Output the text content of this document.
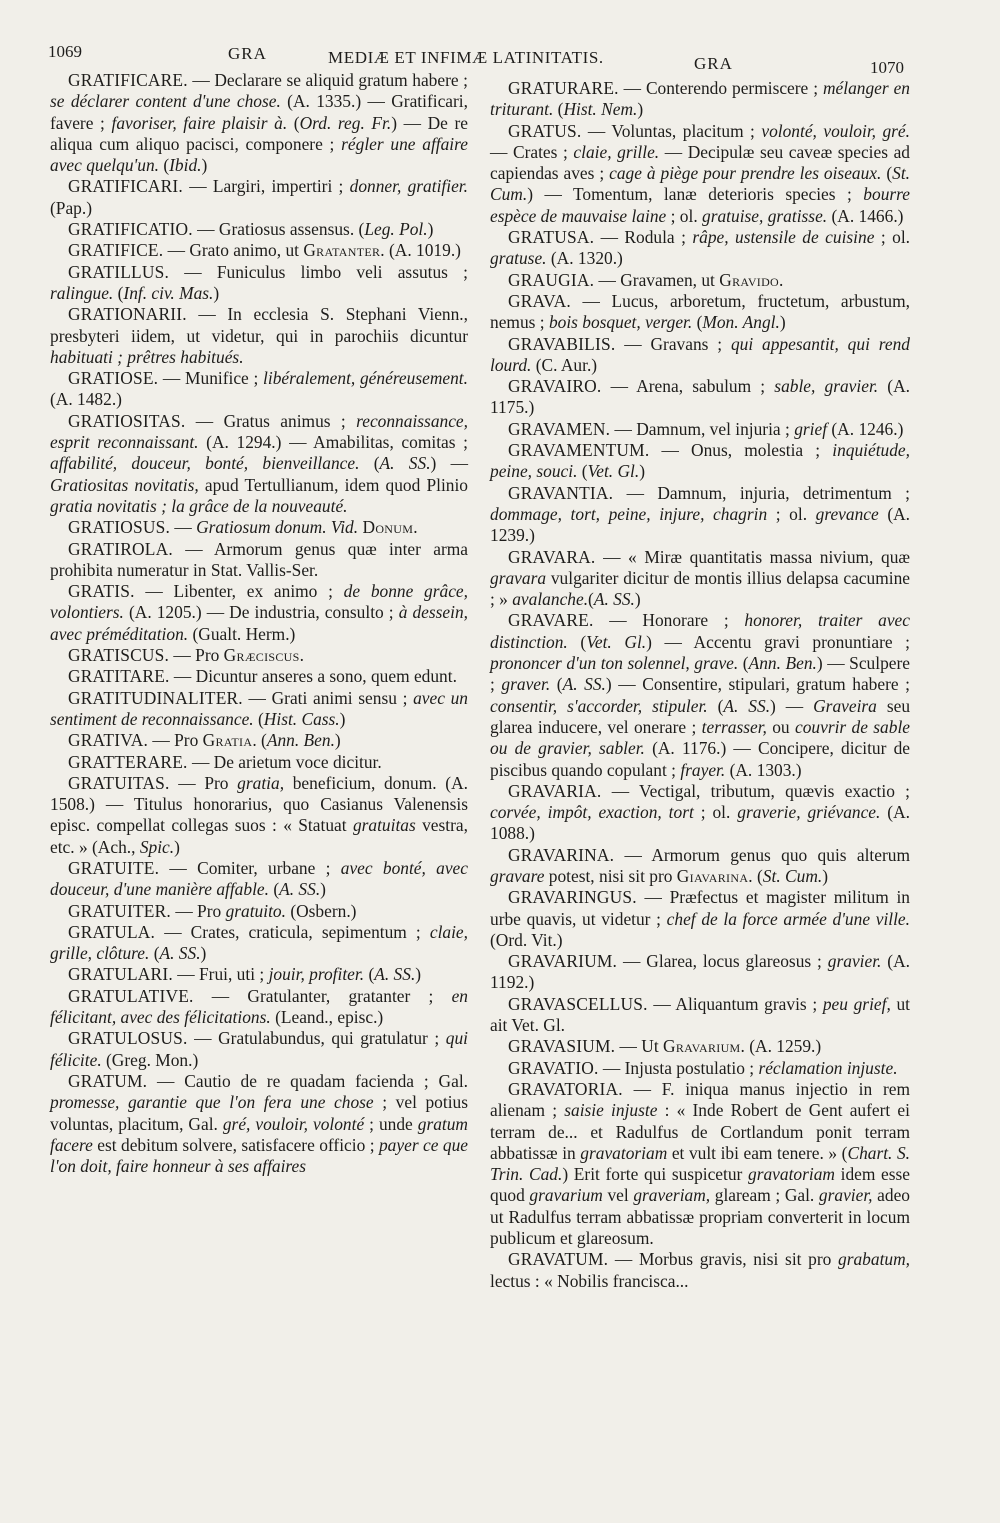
1069	GRA	MEDIÆ ET INFIMÆ LATINITATIS.	GRA	1070

GRATIFICARE. — Declarare se aliquid gratum habere ; se déclarer content d'une chose. (A. 1335.) — Gratificari, favere ; favoriser, faire plaisir à. (Ord. reg. Fr.) — De re aliqua cum aliquo pacisci, componere ; régler une affaire avec quelqu'un. (Ibid.)

GRATIFICARI. — Largiri, impertiri ; donner, gratifier. (Pap.)

GRATIFICATIO. — Gratiosus assensus. (Leg. Pol.)

GRATIFICE. — Grato animo, ut Gratanter. (A. 1019.)

GRATILLUS. — Funiculus limbo veli assutus ; ralingue. (Inf. civ. Mas.)

GRATIONARII. — In ecclesia S. Stephani Vienn., presbyteri iidem, ut videtur, qui in parochiis dicuntur habituati ; prêtres habitués.

GRATIOSE. — Munifice ; libéralement, généreusement. (A. 1482.)

GRATIOSITAS. — Gratus animus ; reconnaissance, esprit reconnaissant. (A. 1294.) — Amabilitas, comitas ; affabilité, douceur, bonté, bienveillance. (A. SS.) — Gratiositas novitatis, apud Tertullianum, idem quod Plinio gratia novitatis ; la grâce de la nouveauté.

GRATIOSUS. — Gratiosum donum. Vid. Donum.

GRATIROLA. — Armorum genus quæ inter arma prohibita numeratur in Stat. Vallis-Ser.

GRATIS. — Libenter, ex animo ; de bonne grâce, volontiers. (A. 1205.) — De industria, consulto ; à dessein, avec préméditation. (Gualt. Herm.)

GRATISCUS. — Pro Græciscus.

GRATITARE. — Dicuntur anseres a sono, quem edunt.

GRATITUDINALITER. — Grati animi sensu ; avec un sentiment de reconnaissance. (Hist. Cass.)

GRATIVA. — Pro Gratia. (Ann. Ben.)

GRATTERARE. — De arietum voce dicitur.

GRATUITAS. — Pro gratia, beneficium, donum. (A. 1508.) — Titulus honorarius, quo Casianus Valenensis episc. compellat collegas suos : « Statuat gratuitas vestra, etc. » (Ach., Spic.)

GRATUITE. — Comiter, urbane ; avec bonté, avec douceur, d'une manière affable. (A. SS.)

GRATUITER. — Pro gratuito. (Osbern.)

GRATULA. — Crates, craticula, sepimentum ; claie, grille, clôture. (A. SS.)

GRATULARI. — Frui, uti ; jouir, profiter. (A. SS.)

GRATULATIVE. — Gratulanter, gratanter ; en félicitant, avec des félicitations. (Leand., episc.)

GRATULOSUS. — Gratulabundus, qui gratulatur ; qui félicite. (Greg. Mon.)

GRATUM. — Cautio de re quadam facienda ; Gal. promesse, garantie que l'on fera une chose ; vel potius voluntas, placitum, Gal. gré, vouloir, volonté ; unde gratum facere est debitum solvere, satisfacere officio ; payer ce que l'on doit, faire honneur à ses affaires

GRATURARE. — Conterendo permiscere ; mélanger en triturant. (Hist. Nem.)

GRATUS. — Voluntas, placitum ; volonté, vouloir, gré. — Crates ; claie, grille. — Decipulæ seu caveæ species ad capiendas aves ; cage à piège pour prendre les oiseaux. (St. Cum.) — Tomentum, lanæ deterioris species ; bourre espèce de mauvaise laine ; ol. gratuise, gratisse. (A. 1466.)

GRATUSA. — Rodula ; râpe, ustensile de cuisine ; ol. gratuse. (A. 1320.)

GRAUGIA. — Gravamen, ut Gravido.

GRAVA. — Lucus, arboretum, fructetum, arbustum, nemus ; bois bosquet, verger. (Mon. Angl.)

GRAVABILIS. — Gravans ; qui appesantit, qui rend lourd. (C. Aur.)

GRAVAIRO. — Arena, sabulum ; sable, gravier. (A. 1175.)

GRAVAMEN. — Damnum, vel injuria ; grief (A. 1246.)

GRAVAMENTUM. — Onus, molestia ; inquiétude, peine, souci. (Vet. Gl.)

GRAVANTIA. — Damnum, injuria, detrimentum ; dommage, tort, peine, injure, chagrin ; ol. grevance (A. 1239.)

GRAVARA. — « Miræ quantitatis massa nivium, quæ gravara vulgariter dicitur de montis illius delapsa cacumine ; » avalanche.(A. SS.)

GRAVARE. — Honorare ; honorer, traiter avec distinction. (Vet. Gl.) — Accentu gravi pronuntiare ; prononcer d'un ton solennel, grave. (Ann. Ben.) — Sculpere ; graver. (A. SS.) — Consentire, stipulari, gratum habere ; consentir, s'accorder, stipuler. (A. SS.) — Graveira seu glarea inducere, vel onerare ; terrasser, ou couvrir de sable ou de gravier, sabler. (A. 1176.) — Concipere, dicitur de piscibus quando copulant ; frayer. (A. 1303.)

GRAVARIA. — Vectigal, tributum, quævis exactio ; corvée, impôt, exaction, tort ; ol. graverie, griévance. (A. 1088.)

GRAVARINA. — Armorum genus quo quis alterum gravare potest, nisi sit pro Giavarina. (St. Cum.)

GRAVARINGUS. — Præfectus et magister militum in urbe quavis, ut videtur ; chef de la force armée d'une ville. (Ord. Vit.)

GRAVARIUM. — Glarea, locus glareosus ; gravier. (A. 1192.)

GRAVASCELLUS. — Aliquantum gravis ; peu grief, ut ait Vet. Gl.

GRAVASIUM. — Ut Gravarium. (A. 1259.)

GRAVATIO. — Injusta postulatio ; réclamation injuste.

GRAVATORIA. — F. iniqua manus injectio in rem alienam ; saisie injuste : « Inde Robert de Gent aufert ei terram de... et Radulfus de Cortlandum ponit terram abbatissæ in gravatoriam et vult ibi eam tenere. » (Chart. S. Trin. Cad.) Erit forte qui suspicetur gravatoriam idem esse quod gravarium vel graveriam, glaream ; Gal. gravier, adeo ut Radulfus terram abbatissæ propriam converterit in locum publicum et glareosum.

GRAVATUM. — Morbus gravis, nisi sit pro grabatum, lectus : « Nobilis francisca...
